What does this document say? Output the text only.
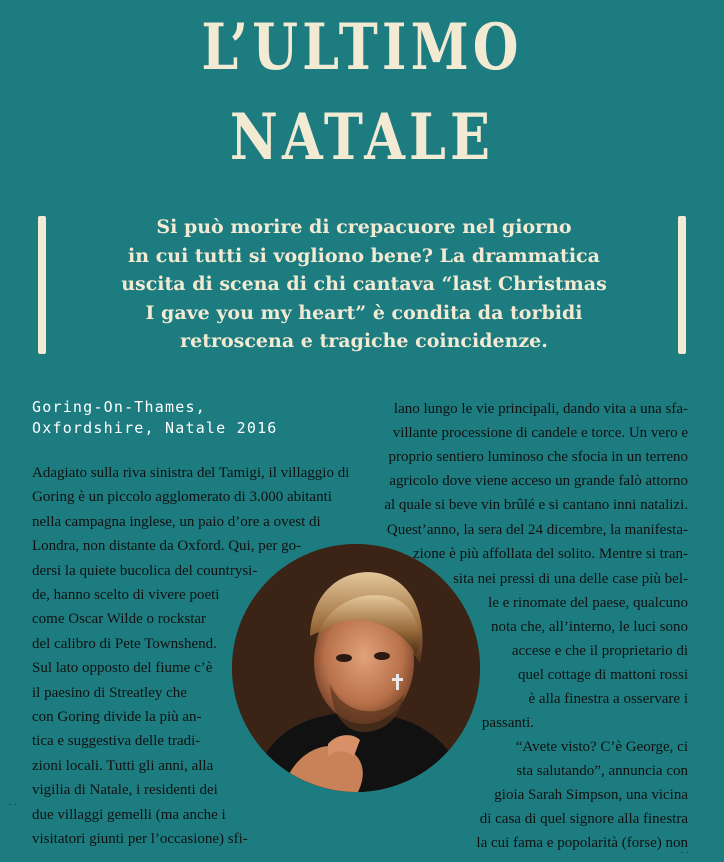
L’ULTIMO
NATALE
Si può morire di crepacuore nel giorno
in cui tutti si vogliono bene? La drammatica
uscita di scena di chi cantava “last Christmas
I gave you my heart” è condita da torbidi
retroscena e tragiche coincidenze.
Goring-On-Thames,
Oxfordshire, Natale 2016
Adagiato sulla riva sinistra del Tamigi, il villaggio di
Goring è un piccolo agglomerato di 3.000 abitanti
nella campagna inglese, un paio d’ore a ovest di
Londra, non distante da Oxford. Qui, per go-
dersi la quiete bucolica del countrysi-
de, hanno scelto di vivere poeti
come Oscar Wilde o rockstar
del calibro di Pete Townshend.
Sul lato opposto del fiume c’è
il paesino di Streatley che
con Goring divide la più an-
tica e suggestiva delle tradi-
zioni locali. Tutti gli anni, alla
vigilia di Natale, i residenti dei
due villaggi gemelli (ma anche i
visitatori giunti per l’occasione) sfi-
lano lungo le vie principali, dando vita a una sfa-
villante processione di candele e torce. Un vero e
proprio sentiero luminoso che sfocia in un terreno
agricolo dove viene acceso un grande falò attorno
al quale si beve vin brûlé e si cantano inni natalizi.
Quest’anno, la sera del 24 dicembre, la manifesta-
zione è più affollata del solito. Mentre si tran-
sita nei pressi di una delle case più bel-
le e rinomate del paese, qualcuno
nota che, all’interno, le luci sono
accese e che il proprietario di
quel cottage di mattoni rossi
è alla finestra a osservare i
passanti.
“Avete visto? C’è George, ci
sta salutando”, annuncia con
gioia Sarah Simpson, una vicina
di casa di quel signore alla finestra
la cui fama e popolarità (forse) non
· ·
· ·
